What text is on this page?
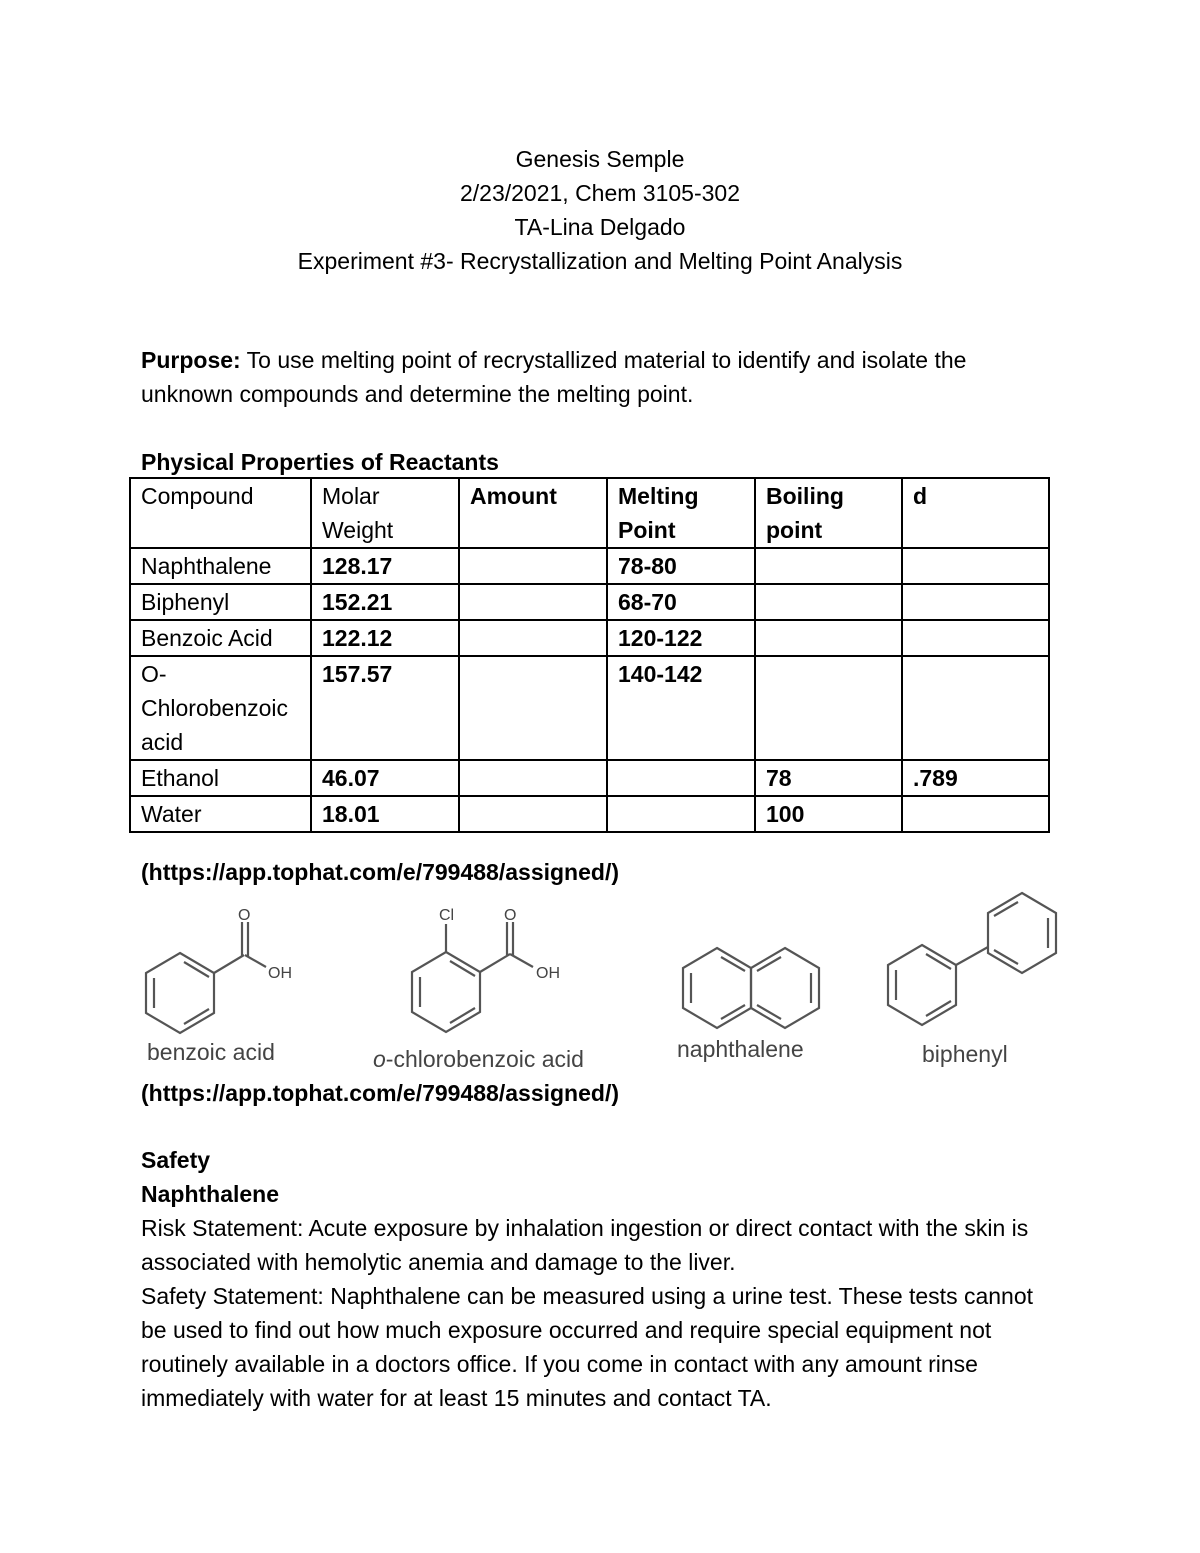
Genesis Semple
2/23/2021, Chem 3105-302
TA-Lina Delgado
Experiment #3- Recrystallization and Melting Point Analysis
Purpose: To use melting point of recrystallized material to identify and isolate the unknown compounds and determine the melting point.
Physical Properties of Reactants
Compound	Molar Weight	Amount	Melting Point	Boiling point	d
Naphthalene	128.17		78-80		
Biphenyl	152.21		68-70		
Benzoic Acid	122.12		120-122		
O-Chlorobenzoic acid	157.57		140-142		
Ethanol	46.07			78	.789
Water	18.01			100	
(https://app.tophat.com/e/799488/assigned/)
O
OH
benzoic acid
Cl	O
OH
o-chlorobenzoic acid	naphthalene	biphenyl
(https://app.tophat.com/e/799488/assigned/)
Safety
Naphthalene
Risk Statement: Acute exposure by inhalation ingestion or direct contact with the skin is associated with hemolytic anemia and damage to the liver.
Safety Statement: Naphthalene can be measured using a urine test. These tests cannot be used to find out how much exposure occurred and require special equipment not routinely available in a doctors office. If you come in contact with any amount rinse immediately with water for at least 15 minutes and contact TA.
